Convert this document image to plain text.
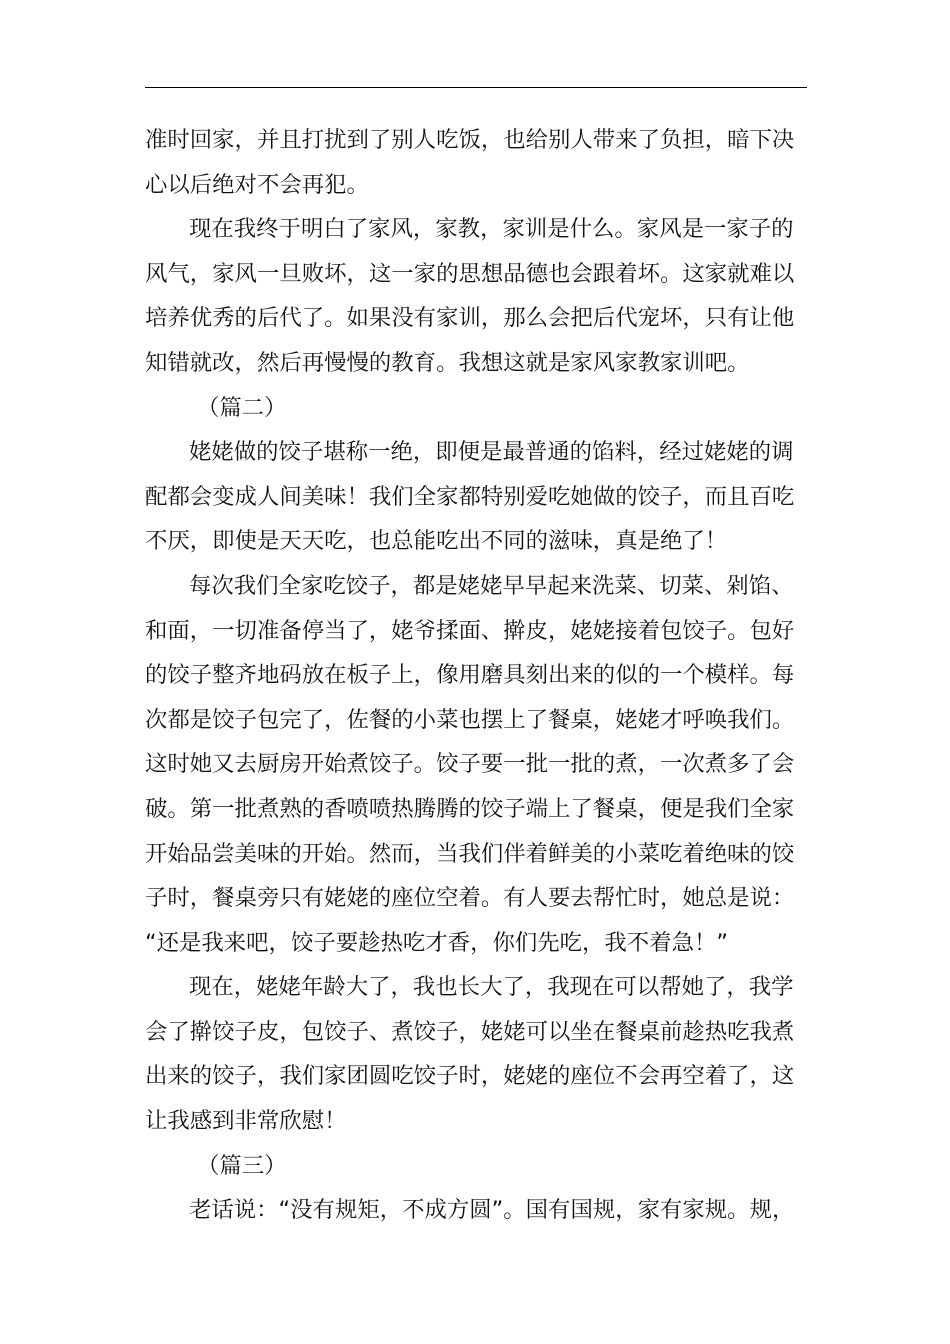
准时回家，并且打扰到了别人吃饭，也给别人带来了负担，暗下决
心以后绝对不会再犯。
现在我终于明白了家风，家教，家训是什么。家风是一家子的
风气，家风一旦败坏，这一家的思想品德也会跟着坏。这家就难以
培养优秀的后代了。如果没有家训，那么会把后代宠坏，只有让他
知错就改，然后再慢慢的教育。我想这就是家风家教家训吧。
（篇二）
姥姥做的饺子堪称一绝，即便是最普通的馅料，经过姥姥的调
配都会变成人间美味！我们全家都特别爱吃她做的饺子，而且百吃
不厌，即使是天天吃，也总能吃出不同的滋味，真是绝了！
每次我们全家吃饺子，都是姥姥早早起来洗菜、切菜、剁馅、
和面，一切准备停当了，姥爷揉面、擀皮，姥姥接着包饺子。包好
的饺子整齐地码放在板子上，像用磨具刻出来的似的一个模样。每
次都是饺子包完了，佐餐的小菜也摆上了餐桌，姥姥才呼唤我们。
这时她又去厨房开始煮饺子。饺子要一批一批的煮，一次煮多了会
破。第一批煮熟的香喷喷热腾腾的饺子端上了餐桌，便是我们全家
开始品尝美味的开始。然而，当我们伴着鲜美的小菜吃着绝味的饺
子时，餐桌旁只有姥姥的座位空着。有人要去帮忙时，她总是说：
“还是我来吧，饺子要趁热吃才香，你们先吃，我不着急！”
现在，姥姥年龄大了，我也长大了，我现在可以帮她了，我学
会了擀饺子皮，包饺子、煮饺子，姥姥可以坐在餐桌前趁热吃我煮
出来的饺子，我们家团圆吃饺子时，姥姥的座位不会再空着了，这
让我感到非常欣慰！
（篇三）
老话说：“没有规矩，不成方圆”。国有国规，家有家规。规，
